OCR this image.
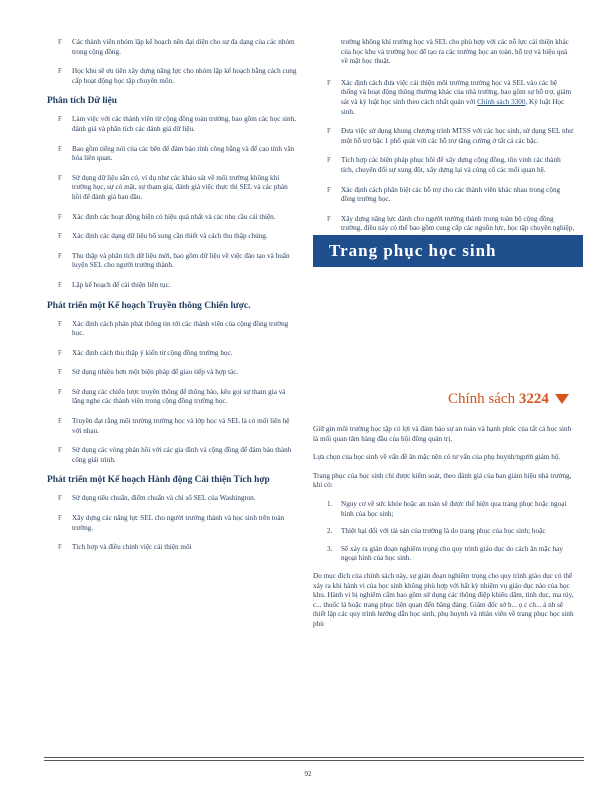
F Các thành viên nhóm lập kế hoạch nên đại diện cho sự đa dạng của các nhóm trong cộng đồng.
F Học khu sẽ ưu tiên xây dựng năng lực cho nhóm lập kế hoạch bằng cách cung cấp hoạt động học tập chuyên môn.
Phân tích Dữ liệu
F Làm việc với các thành viên từ cộng đồng toàn trường, bao gồm các học sinh, đánh giá và phân tích các đánh giá dữ liệu.
F Bao gồm tiếng nói của các bên để đảm bảo tính công bằng và để cao tính văn hóa liên quan.
F Sử dụng dữ liệu sẵn có, ví dụ như các khảo sát về môi trường không khí trường học, sự có mặt, sự tham gia, đánh giá việc thực thi SEL và các phản hồi để đánh giá ban đầu.
F Xác định các hoạt động hiện có hiệu quả nhất và các nhu cầu cải thiện.
F Xác định các dạng dữ liệu bổ sung cần thiết và cách thu thập chúng.
F Thu thập và phân tích dữ liệu mới, bao gồm dữ liệu về việc đào tạo và huấn luyện SEL cho người trưởng thành.
F Lập kế hoạch để cải thiện liên tục.
Phát triển một Kế hoạch Truyền thông Chiến lược.
F Xác định cách phản phát thông tin tới các thành viên của cộng đồng trường học.
F Xác định cách thu thập ý kiến từ cộng đồng trường học.
F Sử dụng nhiều hơn một biện pháp để giao tiếp và hợp tác.
F Sử dụng các chiến lược truyền thông để thông báo, kêu gọi sự tham gia và lắng nghe các thành viên trong cộng đồng trường học.
F Truyền đạt rằng môi trường trường học và lớp học và SEL là có mối liên hệ với nhau.
F Sử dụng các vòng phản hồi với các gia đình và cộng đồng để đảm bảo thành công giải trình.
Phát triển một Kế hoạch Hành động Cải thiện Tích hợp
F Sử dụng tiêu chuẩn, điểm chuẩn và chỉ số SEL của Washington.
F Xây dựng các năng lực SEL cho người trưởng thành và học sinh trên toàn trường.
F Tích hợp và điều chỉnh việc cải thiện môi
trường không khí trường học và SEL cho phù hợp với các nỗ lực cải thiện khác của học khu và trường học để tạo ra các trường học an toàn, hỗ trợ và hiệu quả về mặt học thuật.
F Xác định cách đưa việc cải thiện môi trường trường học và SEL vào các hệ thống và hoạt động thông thường khác của nhà trường, bao gồm sự hỗ trợ, giám sát và kỷ luật học sinh theo cách nhất quán với Chính sách 3300, Kỷ luật Học sinh.
F Đưa việc sử dụng khung chương trình MTSS với các học sinh, sử dụng SEL như một hỗ trợ bậc 1 phổ quát với các hỗ trợ tăng cường ở tất cả các bậc.
F Tích hợp các biện pháp phục hồi để xây dựng cộng đồng, tôn vinh các thành tích, chuyển đổi sự xung đột, xây dựng lại và củng cố các mối quan hệ.
F Xác định cách phân biệt các hỗ trợ cho các thành viên khác nhau trong cộng đồng trường học.
F Xây dựng năng lực dành cho người trưởng thành trong toàn bộ cộng đồng trường, điều này có thể bao gồm cung cấp các nguồn lực, học tập chuyên nghiệp,
Trang phục học sinh
Chính sách 3224
Giữ gìn môi trường học tập có lợi và đảm bảo sự an toàn và hạnh phúc của tất cả học sinh là mối quan tâm hàng đầu của hội đồng quản trị.
Lựa chọn của học sinh về vấn đề ăn mặc nên có tư vấn của phụ huynh/người giám hộ.
Trang phục của học sinh chỉ được kiểm soát, theo đánh giá của ban giám hiệu nhà trường, khi có:
1. Nguy cơ về sức khỏe hoặc an toàn sẽ được thể hiện qua trang phục hoặc ngoại hình của học sinh;
2. Thiệt hại đối với tài sản của trường là do trang phục của học sinh; hoặc
3. Sẽ xảy ra gián đoạn nghiêm trọng cho quy trình giáo dục do cách ăn mặc hay ngoại hình của học sinh.
Do mục đích của chính sách này, sự gián đoạn nghiêm trọng cho quy trình giáo dục có thể xảy ra khi hành vi của học sinh không phù hợp với bất kỳ nhiệm vụ giáo dục nào của học khu. Hành vi bị nghiêm cấm bao gồm sử dụng các thông điệp khiêu dâm, tình dục, ma túy, c... thuốc lá hoặc trang phục liên quan đến băng đảng. Giám đốc sở h... ọ c ch... á nh sẽ thiết lập các quy trình hướng dẫn học sinh, phụ huynh và nhân viên về trang phục học sinh phù
92
